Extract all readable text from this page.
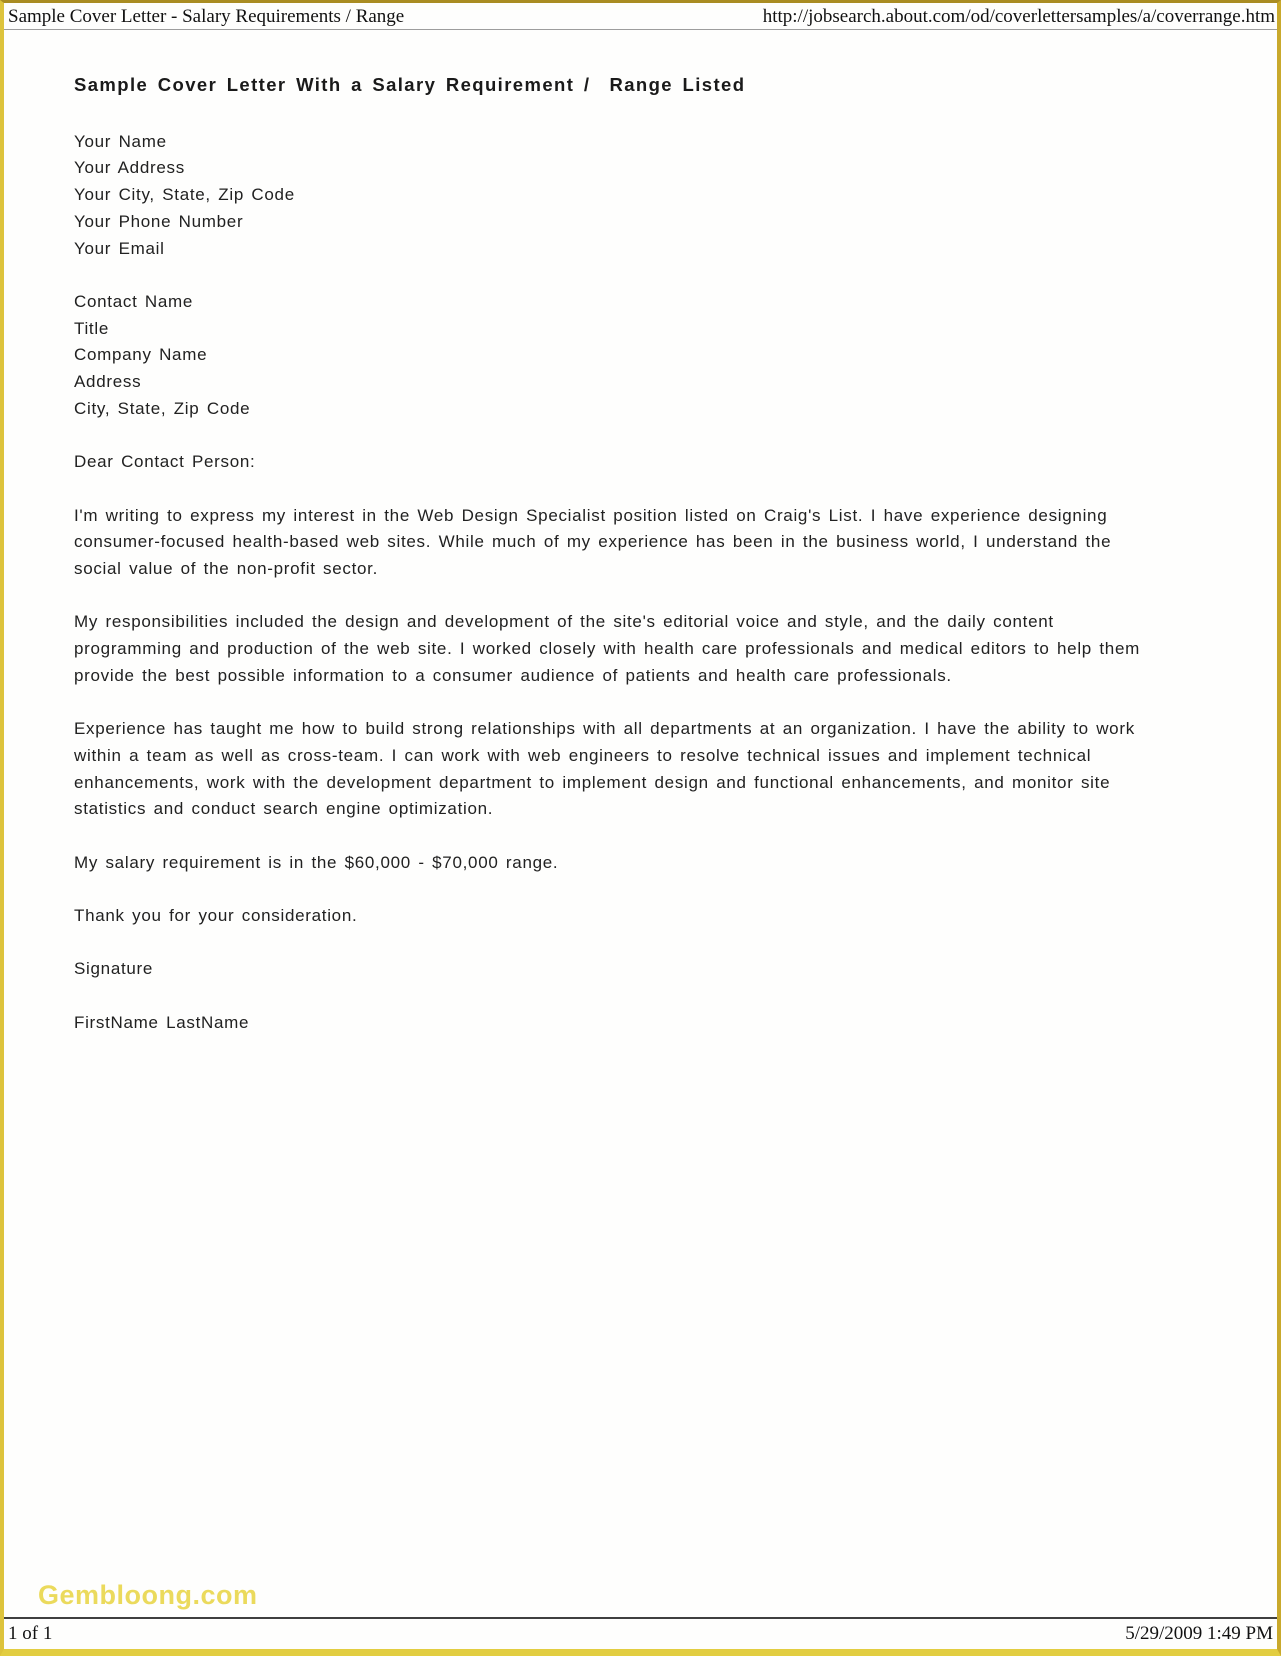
Sample Cover Letter - Salary Requirements / Range	http://jobsearch.about.com/od/coverlettersamples/a/coverrange.htm
Sample Cover Letter With a Salary Requirement /  Range Listed
Your Name
Your Address
Your City, State, Zip Code
Your Phone Number
Your Email
Contact Name
Title
Company Name
Address
City, State, Zip Code
Dear Contact Person:

I'm writing to express my interest in the Web Design Specialist position listed on Craig's List. I have experience designing consumer-focused health-based web sites. While much of my experience has been in the business world, I understand the social value of the non-profit sector.

My responsibilities included the design and development of the site's editorial voice and style, and the daily content programming and production of the web site. I worked closely with health care professionals and medical editors to help them provide the best possible information to a consumer audience of patients and health care professionals.

Experience has taught me how to build strong relationships with all departments at an organization. I have the ability to work within a team as well as cross-team. I can work with web engineers to resolve technical issues and implement technical enhancements, work with the development department to implement design and functional enhancements, and monitor site statistics and conduct search engine optimization.

My salary requirement is in the $60,000 - $70,000 range.

Thank you for your consideration.

Signature
FirstName LastName
Gembloong.com
1 of 1	5/29/2009 1:49 PM
